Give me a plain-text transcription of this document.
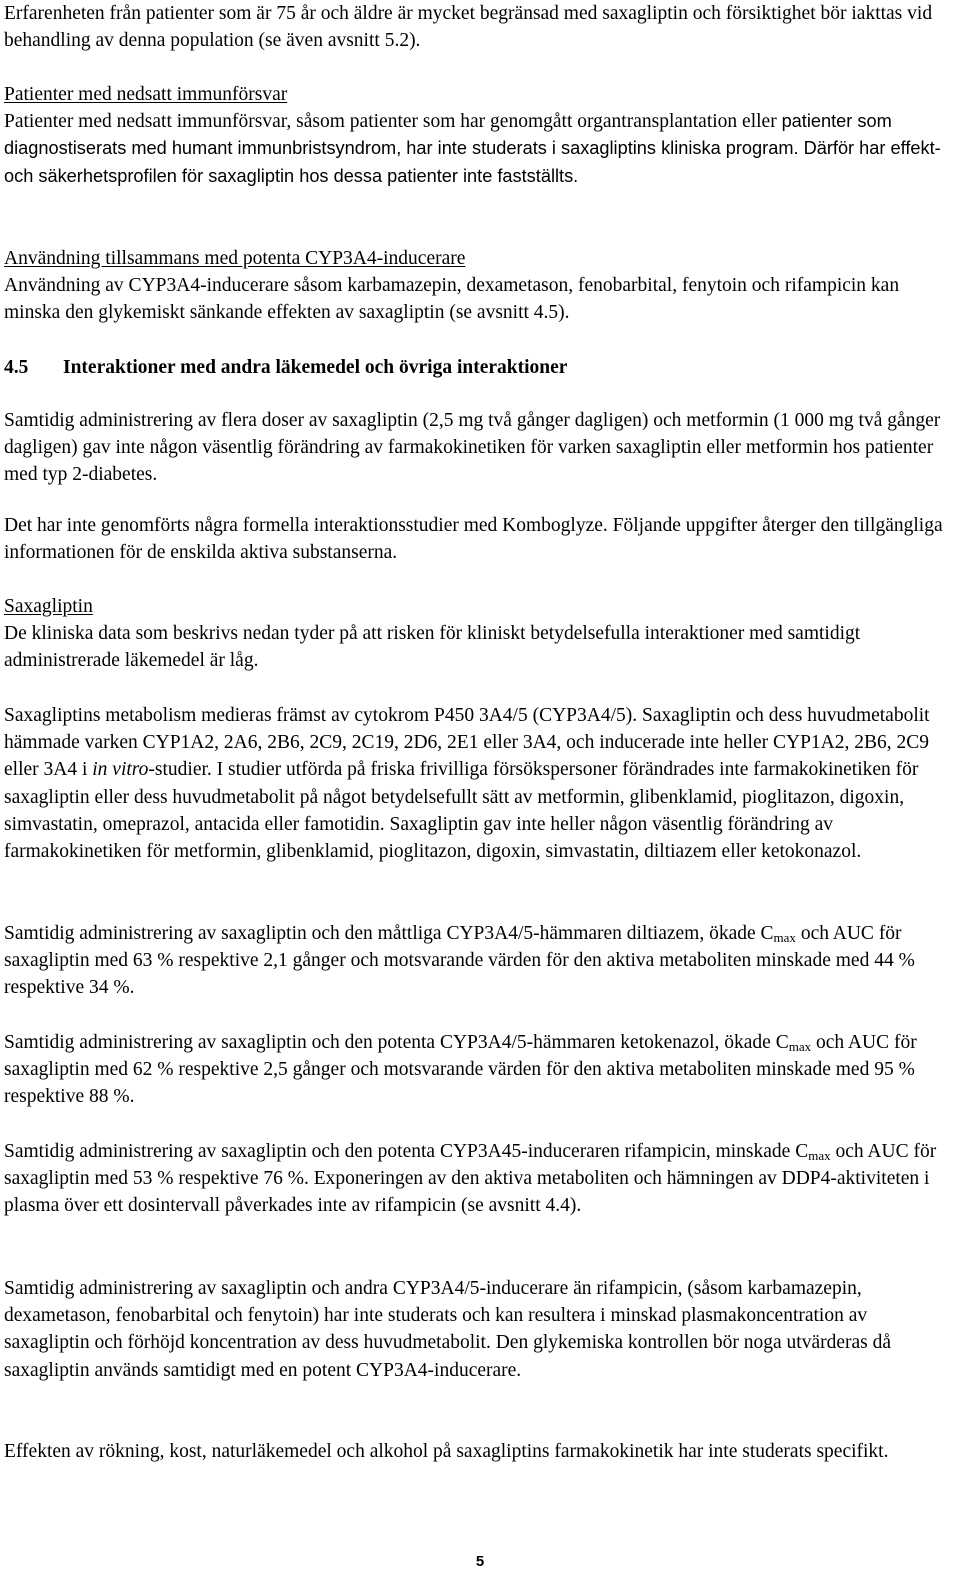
Erfarenheten från patienter som är 75 år och äldre är mycket begränsad med saxagliptin och försiktighet bör iakttas vid behandling av denna population (se även avsnitt 5.2).

Patienter med nedsatt immunförsvar
Patienter med nedsatt immunförsvar, såsom patienter som har genomgått organtransplantation eller patienter som diagnostiserats med humant immunbristsyndrom, har inte studerats i saxagliptins kliniska program. Därför har effekt- och säkerhetsprofilen för saxagliptin hos dessa patienter inte fastställts.
Användning tillsammans med potenta CYP3A4-inducerare
Användning av CYP3A4-inducerare såsom karbamazepin, dexametason, fenobarbital, fenytoin och rifampicin kan minska den glykemiskt sänkande effekten av saxagliptin (se avsnitt 4.5).
4.5 Interaktioner med andra läkemedel och övriga interaktioner

Samtidig administrering av flera doser av saxagliptin (2,5 mg två gånger dagligen) och metformin (1 000 mg två gånger dagligen) gav inte någon väsentlig förändring av farmakokinetiken för varken saxagliptin eller metformin hos patienter med typ 2-diabetes.

Det har inte genomförts några formella interaktionsstudier med Komboglyze. Följande uppgifter återger den tillgängliga informationen för de enskilda aktiva substanserna.

Saxagliptin
De kliniska data som beskrivs nedan tyder på att risken för kliniskt betydelsefulla interaktioner med samtidigt administrerade läkemedel är låg.

Saxagliptins metabolism medieras främst av cytokrom P450 3A4/5 (CYP3A4/5). Saxagliptin och dess huvudmetabolit hämmade varken CYP1A2, 2A6, 2B6, 2C9, 2C19, 2D6, 2E1 eller 3A4, och inducerade inte heller CYP1A2, 2B6, 2C9 eller 3A4 i in vitro-studier. I studier utförda på friska frivilliga försökspersoner förändrades inte farmakokinetiken för saxagliptin eller dess huvudmetabolit på något betydelsefullt sätt av metformin, glibenklamid, pioglitazon, digoxin, simvastatin, omeprazol, antacida eller famotidin. Saxagliptin gav inte heller någon väsentlig förändring av farmakokinetiken för metformin, glibenklamid, pioglitazon, digoxin, simvastatin, diltiazem eller ketokonazol.

Samtidig administrering av saxagliptin och den måttliga CYP3A4/5-hämmaren diltiazem, ökade $C_{max}$ och AUC för saxagliptin med 63 % respektive 2,1 gånger och motsvarande värden för den aktiva metaboliten minskade med 44 % respektive 34 %.

Samtidig administrering av saxagliptin och den potenta CYP3A4/5-hämmaren ketokenazol, ökade $C_{max}$ och AUC för saxagliptin med 62 % respektive 2,5 gånger och motsvarande värden för den aktiva metaboliten minskade med 95 % respektive 88 %.

Samtidig administrering av saxagliptin och den potenta CYP3A45-induceraren rifampicin, minskade $C_{max}$ och AUC för saxagliptin med 53 % respektive 76 %. Exponeringen av den aktiva metaboliten och hämningen av DDP4-aktiviteten i plasma över ett dosintervall påverkades inte av rifampicin (se avsnitt 4.4).

Samtidig administrering av saxagliptin och andra CYP3A4/5-inducerare än rifampicin, (såsom karbamazepin, dexametason, fenobarbital och fenytoin) har inte studerats och kan resultera i minskad plasmakoncentration av saxagliptin och förhöjd koncentration av dess huvudmetabolit. Den glykemiska kontrollen bör noga utvärderas då saxagliptin används samtidigt med en potent CYP3A4-inducerare.

Effekten av rökning, kost, naturläkemedel och alkohol på saxagliptins farmakokinetik har inte studerats specifikt.

5
